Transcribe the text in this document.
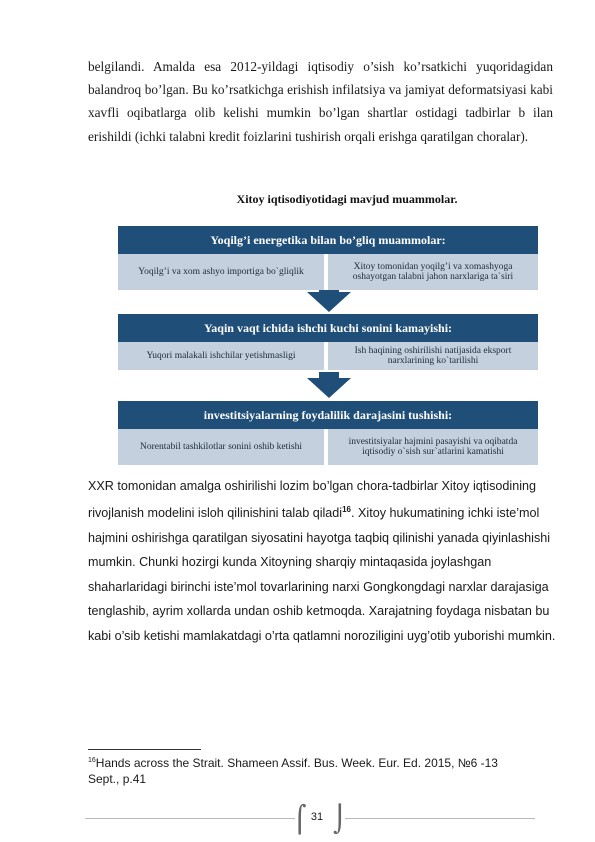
belgilandi. Amalda esa 2012-yildagi iqtisodiy o’sish ko’rsatkichi yuqoridagidan balandroq bo’lgan. Bu ko’rsatkichga erishish infilatsiya va jamiyat deformatsiyasi kabi xavfli oqibatlarga olib kelishi mumkin bo’lgan shartlar ostidagi tadbirlar b ilan erishildi (ichki talabni kredit foizlarini tushirish orqali erishga qaratilgan choralar).

Xitoy iqtisodiyotidagi mavjud muammolar.
Yoqilg’i energetika bilan bo’gliq muammolar:
Yoqilg’i va xom ashyo importiga bo`gliqlik
Xitoy tomonidan yoqilg’i va xomashyoga oshayotgan talabni jahon narxlariga ta`siri
Yaqin vaqt ichida ishchi kuchi sonini kamayishi:
Yuqori malakali ishchilar yetishmasligi
Ish haqining oshirilishi natijasida eksport narxlarining ko`tarilishi
investitsiyalarning foydalilik darajasini tushishi:
Norentabil tashkilotlar sonini oshib ketishi
investitsiyalar hajmini pasayishi va oqibatda iqtisodiy o`sish sur`atlarini kamatishi

XXR tomonidan amalga oshirilishi lozim bo’lgan chora-tadbirlar Xitoy iqtisodining rivojlanish modelini isloh qilinishini talab qiladi$^{16}$. Xitoy hukumatining ichki iste’mol hajmini oshirishga qaratilgan siyosatini hayotga taqbiq qilinishi yanada qiyinlashishi mumkin. Chunki hozirgi kunda Xitoyning sharqiy mintaqasida joylashgan shaharlaridagi birinchi iste’mol tovarlarining narxi Gongkongdagi narxlar darajasiga tenglashib, ayrim xollarda undan oshib ketmoqda. Xarajatning foydaga nisbatan bu kabi o’sib ketishi mamlakatdagi o’rta qatlamni noroziligini uyg’otib yuborishi mumkin.

$^{16}$Hands across the Strait. Shameen Assif. Bus. Week. Eur. Ed. 2015, №6 -13 Sept., p.41

⌠ 31 ⌡
